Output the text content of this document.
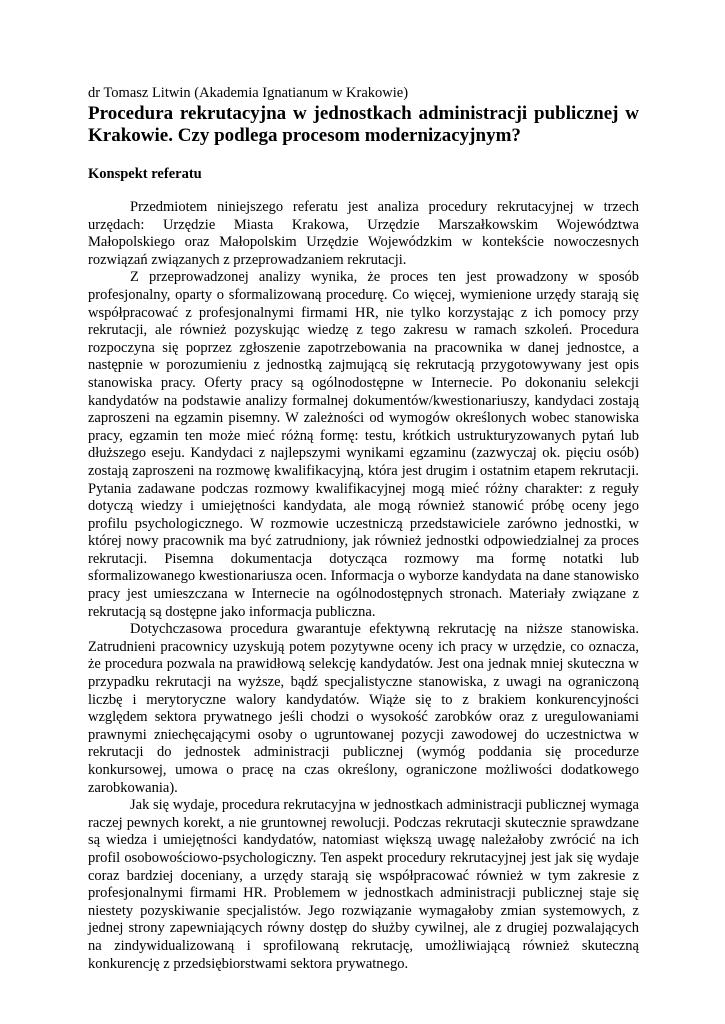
dr Tomasz Litwin (Akademia Ignatianum w Krakowie)

Procedura rekrutacyjna w jednostkach administracji publicznej w Krakowie. Czy podlega procesom modernizacyjnym?
Konspekt referatu

Przedmiotem niniejszego referatu jest analiza procedury rekrutacyjnej w trzech urzędach: Urzędzie Miasta Krakowa, Urzędzie Marszałkowskim Województwa Małopolskiego oraz Małopolskim Urzędzie Wojewódzkim w kontekście nowoczesnych rozwiązań związanych z przeprowadzaniem rekrutacji.

Z przeprowadzonej analizy wynika, że proces ten jest prowadzony w sposób profesjonalny, oparty o sformalizowaną procedurę. Co więcej, wymienione urzędy starają się współpracować z profesjonalnymi firmami HR, nie tylko korzystając z ich pomocy przy rekrutacji, ale również pozyskując wiedzę z tego zakresu w ramach szkoleń. Procedura rozpoczyna się poprzez zgłoszenie zapotrzebowania na pracownika w danej jednostce, a następnie w porozumieniu z jednostką zajmującą się rekrutacją przygotowywany jest opis stanowiska pracy. Oferty pracy są ogólnodostępne w Internecie. Po dokonaniu selekcji kandydatów na podstawie analizy formalnej dokumentów/kwestionariuszy, kandydaci zostają zaproszeni na egzamin pisemny. W zależności od wymogów określonych wobec stanowiska pracy, egzamin ten może mieć różną formę: testu, krótkich ustrukturyzowanych pytań lub dłuższego eseju. Kandydaci z najlepszymi wynikami egzaminu (zazwyczaj ok. pięciu osób) zostają zaproszeni na rozmowę kwalifikacyjną, która jest drugim i ostatnim etapem rekrutacji. Pytania zadawane podczas rozmowy kwalifikacyjnej mogą mieć różny charakter: z reguły dotyczą wiedzy i umiejętności kandydata, ale mogą również stanowić próbę oceny jego profilu psychologicznego. W rozmowie uczestniczą przedstawiciele zarówno jednostki, w której nowy pracownik ma być zatrudniony, jak również jednostki odpowiedzialnej za proces rekrutacji. Pisemna dokumentacja dotycząca rozmowy ma formę notatki lub sformalizowanego kwestionariusza ocen. Informacja o wyborze kandydata na dane stanowisko pracy jest umieszczana w Internecie na ogólnodostępnych stronach. Materiały związane z rekrutacją są dostępne jako informacja publiczna.

Dotychczasowa procedura gwarantuje efektywną rekrutację na niższe stanowiska. Zatrudnieni pracownicy uzyskują potem pozytywne oceny ich pracy w urzędzie, co oznacza, że procedura pozwala na prawidłową selekcję kandydatów. Jest ona jednak mniej skuteczna w przypadku rekrutacji na wyższe, bądź specjalistyczne stanowiska, z uwagi na ograniczoną liczbę i merytoryczne walory kandydatów. Wiąże się to z brakiem konkurencyjności względem sektora prywatnego jeśli chodzi o wysokość zarobków oraz z uregulowaniami prawnymi zniechęcającymi osoby o ugruntowanej pozycji zawodowej do uczestnictwa w rekrutacji do jednostek administracji publicznej (wymóg poddania się procedurze konkursowej, umowa o pracę na czas określony, ograniczone możliwości dodatkowego zarobkowania).

Jak się wydaje, procedura rekrutacyjna w jednostkach administracji publicznej wymaga raczej pewnych korekt, a nie gruntownej rewolucji. Podczas rekrutacji skutecznie sprawdzane są wiedza i umiejętności kandydatów, natomiast większą uwagę należałoby zwrócić na ich profil osobowościowo-psychologiczny. Ten aspekt procedury rekrutacyjnej jest jak się wydaje coraz bardziej doceniany, a urzędy starają się współpracować również w tym zakresie z profesjonalnymi firmami HR. Problemem w jednostkach administracji publicznej staje się niestety pozyskiwanie specjalistów. Jego rozwiązanie wymagałoby zmian systemowych, z jednej strony zapewniających równy dostęp do służby cywilnej, ale z drugiej pozwalających na zindywidualizowaną i sprofilowaną rekrutację, umożliwiającą również skuteczną konkurencję z przedsiębiorstwami sektora prywatnego.
